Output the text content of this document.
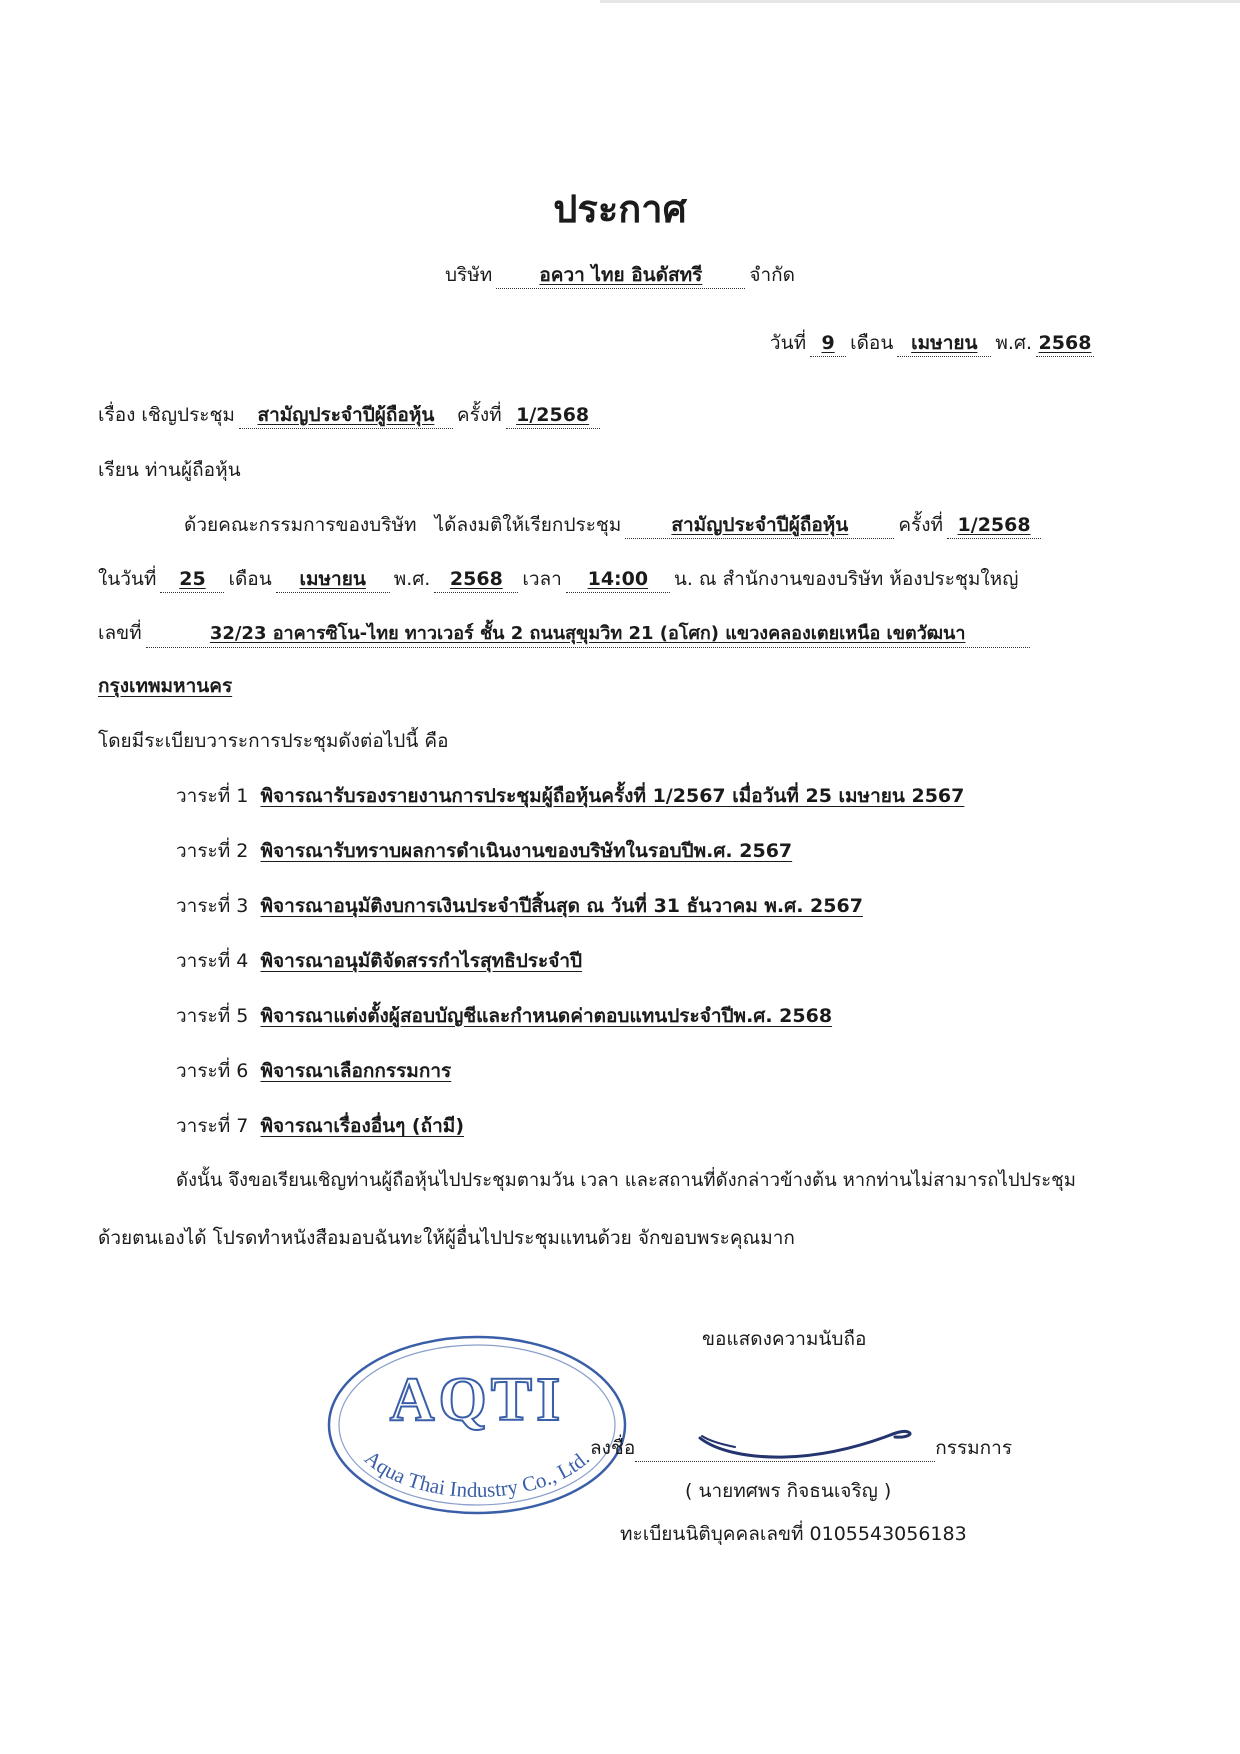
ประกาศ
บริษัท อควา ไทย อินดัสทรี จำกัด
วันที่ 9 เดือน เมษายน พ.ศ. 2568
เรื่อง เชิญประชุม สามัญประจำปีผู้ถือหุ้น ครั้งที่ 1/2568
เรียน ท่านผู้ถือหุ้น
ด้วยคณะกรรมการของบริษัท ได้ลงมติให้เรียกประชุม	สามัญประจำปีผู้ถือหุ้น	ครั้งที่ 1/2568
ในวันที่ 25 เดือน เมษายน พ.ศ. 2568 เวลา 14:00 น. ณ สำนักงานของบริษัท ห้องประชุมใหญ่
เลขที่	32/23 อาคารซิโน-ไทย ทาวเวอร์ ชั้น 2 ถนนสุขุมวิท 21 (อโศก) แขวงคลองเตยเหนือ เขตวัฒนา
กรุงเทพมหานคร
โดยมีระเบียบวาระการประชุมดังต่อไปนี้ คือ
วาระที่ 1 พิจารณารับรองรายงานการประชุมผู้ถือหุ้นครั้งที่ 1/2567 เมื่อวันที่ 25 เมษายน 2567
วาระที่ 2 พิจารณารับทราบผลการดำเนินงานของบริษัทในรอบปีพ.ศ. 2567
วาระที่ 3 พิจารณาอนุมัติงบการเงินประจำปีสิ้นสุด ณ วันที่ 31 ธันวาคม พ.ศ. 2567
วาระที่ 4 พิจารณาอนุมัติจัดสรรกำไรสุทธิประจำปี
วาระที่ 5 พิจารณาแต่งตั้งผู้สอบบัญชีและกำหนดค่าตอบแทนประจำปีพ.ศ. 2568
วาระที่ 6 พิจารณาเลือกกรรมการ
วาระที่ 7 พิจารณาเรื่องอื่นๆ (ถ้ามี)
ดังนั้น จึงขอเรียนเชิญท่านผู้ถือหุ้นไปประชุมตามวัน เวลา และสถานที่ดังกล่าวข้างต้น หากท่านไม่สามารถไปประชุม
ด้วยตนเองได้ โปรดทำหนังสือมอบฉันทะให้ผู้อื่นไปประชุมแทนด้วย จักขอบพระคุณมาก
ขอแสดงความนับถือ
AQTI
Aqua Thai Industry Co., Ltd.
ลงชื่อ	กรรมการ
( นายทศพร กิจธนเจริญ )
ทะเบียนนิติบุคคลเลขที่ 0105543056183
